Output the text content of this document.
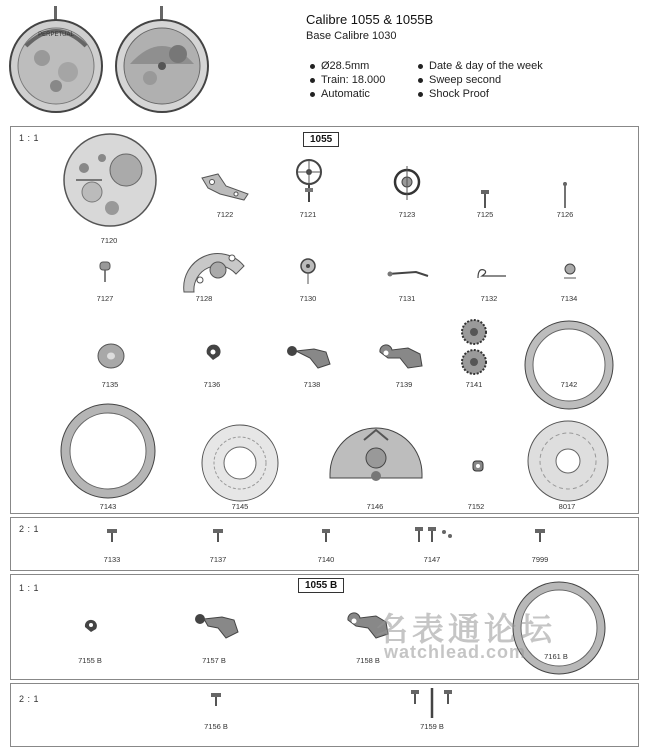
PERPETUAL
Calibre 1055 & 1055B
Base Calibre 1030
Ø28.5mm
Train: 18.000
Automatic
Date & day of the week
Sweep second
Shock Proof
1 : 1	1055
7120
7122	7121	7123	7125	7126
7127	7128	7130	7131	7132	7134
7135	7136	7138	7139	7141	7142
7143	7145	7146	7152	8017
2 : 1
7133	7137	7140	7147	7999
1 : 1	1055 B
7155 B	7157 B	7158 B	7161 B
名表通论坛
watchlead.com
2 : 1
7156 B	7159 B
